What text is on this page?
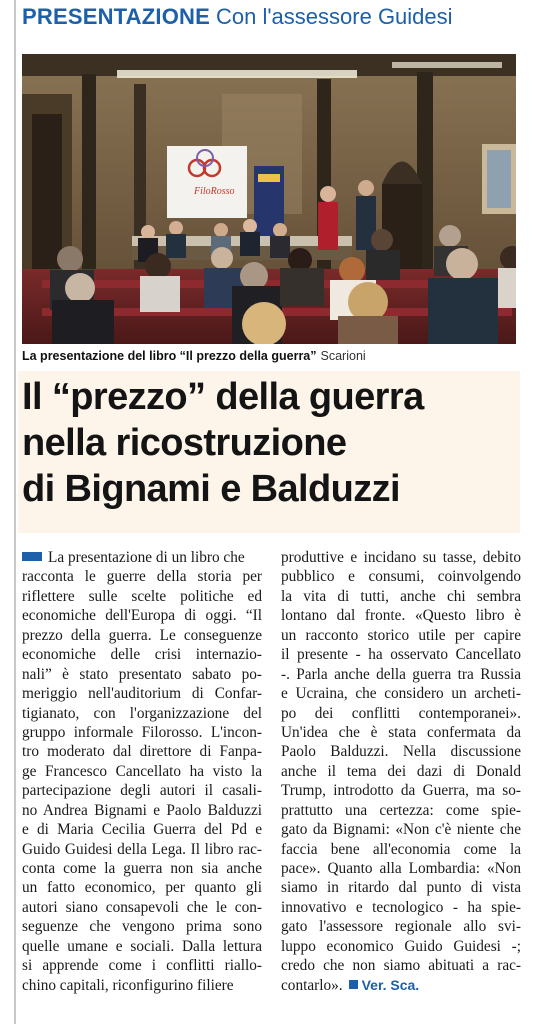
PRESENTAZIONE Con l'assessore Guidesi
FiloRosso
La presentazione del libro “Il prezzo della guerra” Scarioni
Il “prezzo” della guerra
nella ricostruzione
di Bignami e Balduzzi
La presentazione di un libro che
racconta le guerre della storia per
riflettere sulle scelte politiche ed
economiche dell'Europa di oggi. “Il
prezzo della guerra. Le conseguenze
economiche delle crisi internazio-
nali” è stato presentato sabato po-
meriggio nell'auditorium di Confar-
tigianato, con l'organizzazione del
gruppo informale Filorosso. L'incon-
tro moderato dal direttore di Fanpa-
ge Francesco Cancellato ha visto la
partecipazione degli autori il casali-
no Andrea Bignami e Paolo Balduzzi
e di Maria Cecilia Guerra del Pd e
Guido Guidesi della Lega. Il libro rac-
conta come la guerra non sia anche
un fatto economico, per quanto gli
autori siano consapevoli che le con-
seguenze che vengono prima sono
quelle umane e sociali. Dalla lettura
si apprende come i conflitti riallo-
chino capitali, riconfigurino filiere
produttive e incidano su tasse, debito
pubblico e consumi, coinvolgendo
la vita di tutti, anche chi sembra
lontano dal fronte. «Questo libro è
un racconto storico utile per capire
il presente - ha osservato Cancellato
-. Parla anche della guerra tra Russia
e Ucraina, che considero un archeti-
po dei conflitti contemporanei».
Un'idea che è stata confermata da
Paolo Balduzzi. Nella discussione
anche il tema dei dazi di Donald
Trump, introdotto da Guerra, ma so-
prattutto una certezza: come spie-
gato da Bignami: «Non c'è niente che
faccia bene all'economia come la
pace». Quanto alla Lombardia: «Non
siamo in ritardo dal punto di vista
innovativo e tecnologico - ha spie-
gato l'assessore regionale allo svi-
luppo economico Guido Guidesi -;
credo che non siamo abituati a rac-
contarlo». Ver. Sca.
